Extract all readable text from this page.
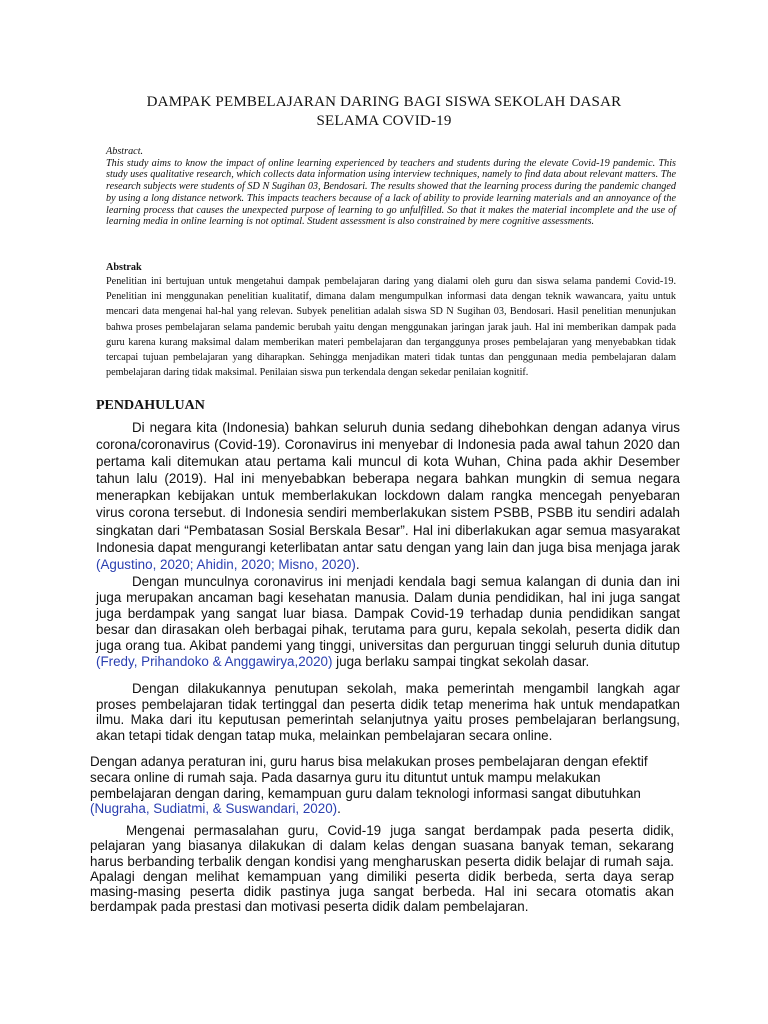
DAMPAK PEMBELAJARAN DARING BAGI SISWA SEKOLAH DASAR
SELAMA COVID-19
Abstract.
This study aims to know the impact of online learning experienced by teachers and students during the elevate Covid-19 pandemic. This study uses qualitative research, which collects data information using interview techniques, namely to find data about relevant matters. The research subjects were students of SD N Sugihan 03, Bendosari. The results showed that the learning process during the pandemic changed by using a long distance network. This impacts teachers because of a lack of ability to provide learning materials and an annoyance of the learning process that causes the unexpected purpose of learning to go unfulfilled. So that it makes the material incomplete and the use of learning media in online learning is not optimal. Student assessment is also constrained by mere cognitive assessments.
Abstrak
Penelitian ini bertujuan untuk mengetahui dampak pembelajaran daring yang dialami oleh guru dan siswa selama pandemi Covid-19. Penelitian ini menggunakan penelitian kualitatif, dimana dalam mengumpulkan informasi data dengan teknik wawancara, yaitu untuk mencari data mengenai hal-hal yang relevan. Subyek penelitian adalah siswa SD N Sugihan 03, Bendosari. Hasil penelitian menunjukan bahwa proses pembelajaran selama pandemic berubah yaitu dengan menggunakan jaringan jarak jauh. Hal ini memberikan dampak pada guru karena kurang maksimal dalam memberikan materi pembelajaran dan terganggunya proses pembelajaran yang menyebabkan tidak tercapai tujuan pembelajaran yang diharapkan. Sehingga menjadikan materi tidak tuntas dan penggunaan media pembelajaran dalam pembelajaran daring tidak maksimal. Penilaian siswa pun terkendala dengan sekedar penilaian kognitif.
PENDAHULUAN

Di negara kita (Indonesia) bahkan seluruh dunia sedang dihebohkan dengan adanya virus corona/coronavirus (Covid-19). Coronavirus ini menyebar di Indonesia pada awal tahun 2020 dan pertama kali ditemukan atau pertama kali muncul di kota Wuhan, China pada akhir Desember tahun lalu (2019). Hal ini menyebabkan beberapa negara bahkan mungkin di semua negara menerapkan kebijakan untuk memberlakukan lockdown dalam rangka mencegah penyebaran virus corona tersebut. di Indonesia sendiri memberlakukan sistem PSBB, PSBB itu sendiri adalah singkatan dari “Pembatasan Sosial Berskala Besar”. Hal ini diberlakukan agar semua masyarakat Indonesia dapat mengurangi keterlibatan antar satu dengan yang lain dan juga bisa menjaga jarak (Agustino, 2020; Ahidin, 2020; Misno, 2020).

Dengan munculnya coronavirus ini menjadi kendala bagi semua kalangan di dunia dan ini juga merupakan ancaman bagi kesehatan manusia. Dalam dunia pendidikan, hal ini juga sangat juga berdampak yang sangat luar biasa. Dampak Covid-19 terhadap dunia pendidikan sangat besar dan dirasakan oleh berbagai pihak, terutama para guru, kepala sekolah, peserta didik dan juga orang tua. Akibat pandemi yang tinggi, universitas dan perguruan tinggi seluruh dunia ditutup (Fredy, Prihandoko & Anggawirya,2020) juga berlaku sampai tingkat sekolah dasar.

Dengan dilakukannya penutupan sekolah, maka pemerintah mengambil langkah agar proses pembelajaran tidak tertinggal dan peserta didik tetap menerima hak untuk mendapatkan ilmu. Maka dari itu keputusan pemerintah selanjutnya yaitu proses pembelajaran berlangsung, akan tetapi tidak dengan tatap muka, melainkan pembelajaran secara online.

Dengan adanya peraturan ini, guru harus bisa melakukan proses pembelajaran dengan efektif secara online di rumah saja. Pada dasarnya guru itu dituntut untuk mampu melakukan pembelajaran dengan daring, kemampuan guru dalam teknologi informasi sangat dibutuhkan (Nugraha, Sudiatmi, & Suswandari, 2020).

Mengenai permasalahan guru, Covid-19 juga sangat berdampak pada peserta didik, pelajaran yang biasanya dilakukan di dalam kelas dengan suasana banyak teman, sekarang harus berbanding terbalik dengan kondisi yang mengharuskan peserta didik belajar di rumah saja. Apalagi dengan melihat kemampuan yang dimiliki peserta didik berbeda, serta daya serap masing-masing peserta didik pastinya juga sangat berbeda. Hal ini secara otomatis akan berdampak pada prestasi dan motivasi peserta didik dalam pembelajaran.
